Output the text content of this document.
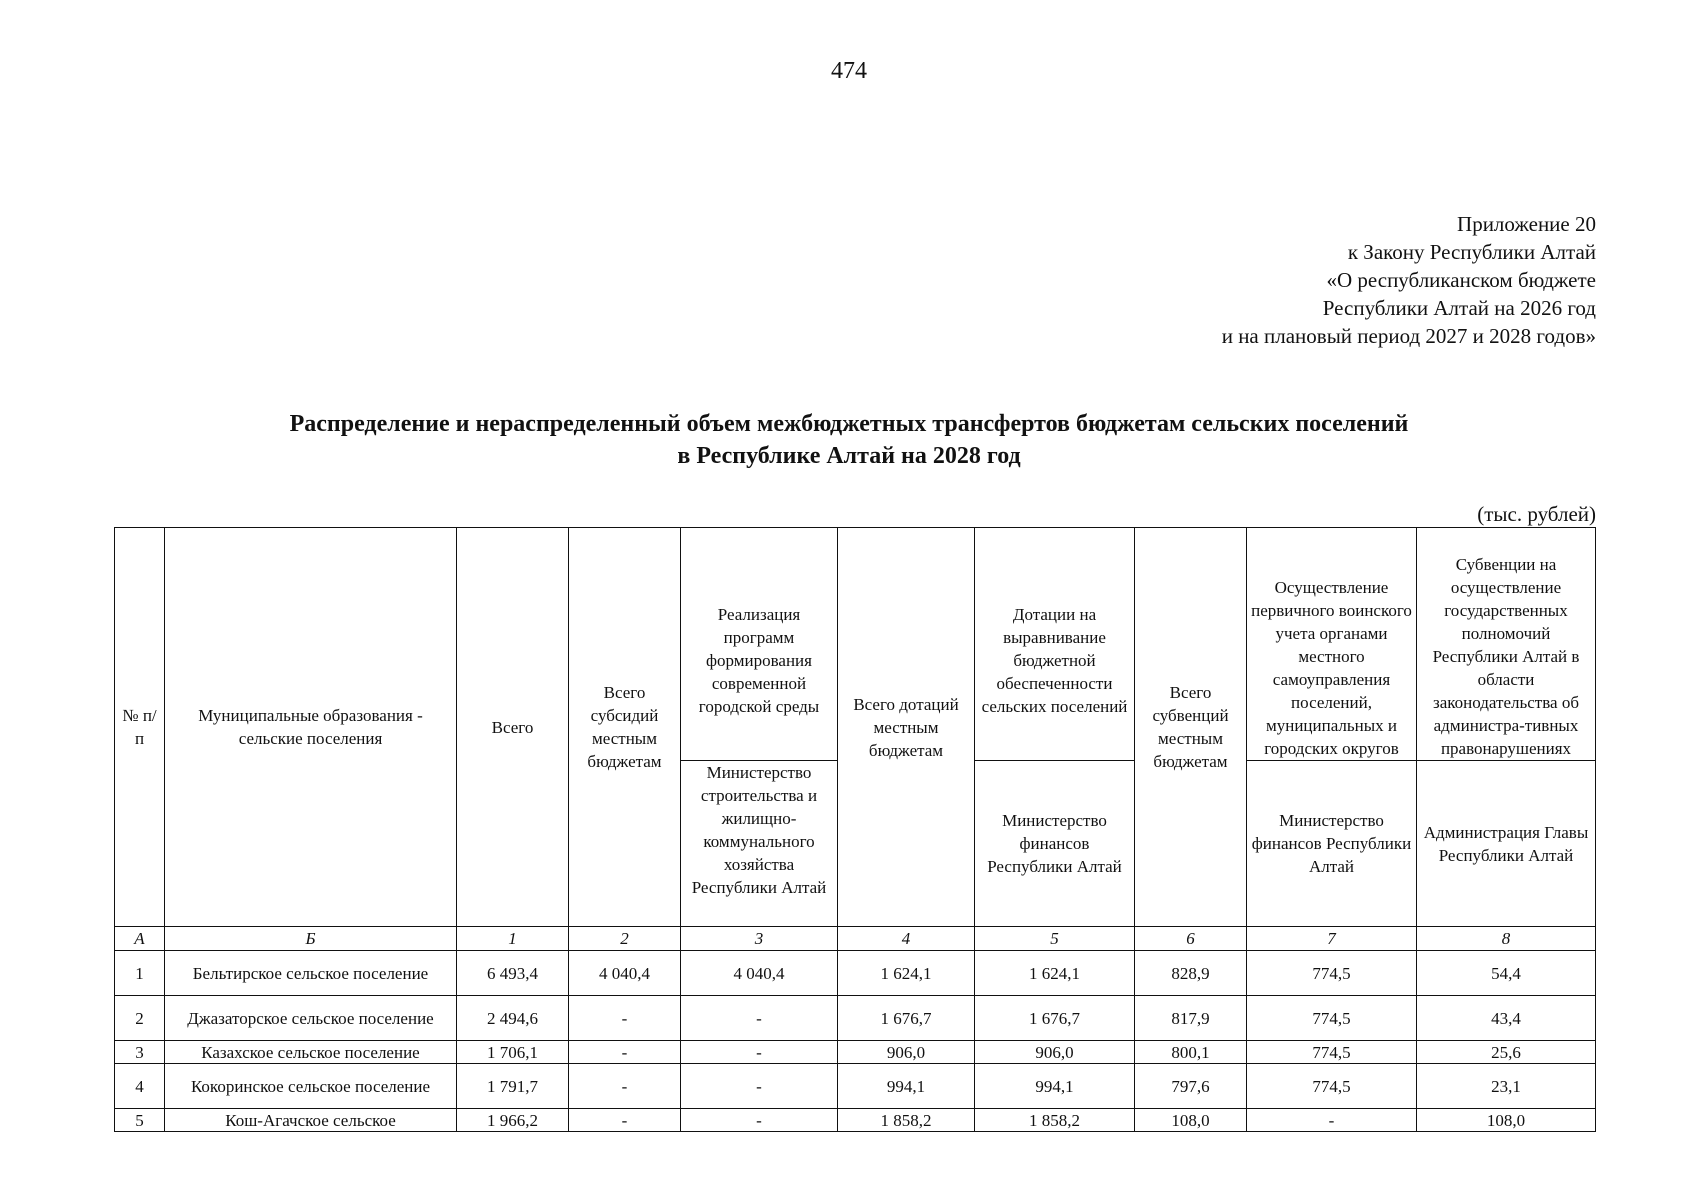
474
Приложение 20
к Закону Республики Алтай
«О республиканском бюджете
Республики Алтай на 2026 год
и на плановый период 2027 и 2028 годов»
Распределение и нераспределенный объем межбюджетных трансфертов бюджетам сельских поселений
в Республике Алтай на 2028 год
(тыс. рублей)
№ п/ п	Муниципальные образования - сельские поселения	Всего	Всего субсидий местным бюджетам	Реализация программ формирования современной городской среды	Всего дотаций местным бюджетам	Дотации на выравнивание бюджетной обеспеченности сельских поселений	Всего субвенций местным бюджетам	Осуществление первичного воинского учета органами местного самоуправления поселений, муниципальных и городских округов	Субвенции на осуществление государственных полномочий Республики Алтай в области законодательства об администра-тивных правонарушениях
				Министерство строительства и жилищно-коммунального хозяйства Республики Алтай		Министерство финансов Республики Алтай		Министерство финансов Республики Алтай	Администрация Главы Республики Алтай
А	Б	1	2	3	4	5	6	7	8
1	Бельтирское сельское поселение	6 493,4	4 040,4	4 040,4	1 624,1	1 624,1	828,9	774,5	54,4
2	Джазаторское сельское поселение	2 494,6	-	-	1 676,7	1 676,7	817,9	774,5	43,4
3	Казахское сельское поселение	1 706,1	-	-	906,0	906,0	800,1	774,5	25,6
4	Кокоринское сельское поселение	1 791,7	-	-	994,1	994,1	797,6	774,5	23,1
5	Кош-Агачское сельское	1 966,2	-	-	1 858,2	1 858,2	108,0	-	108,0
